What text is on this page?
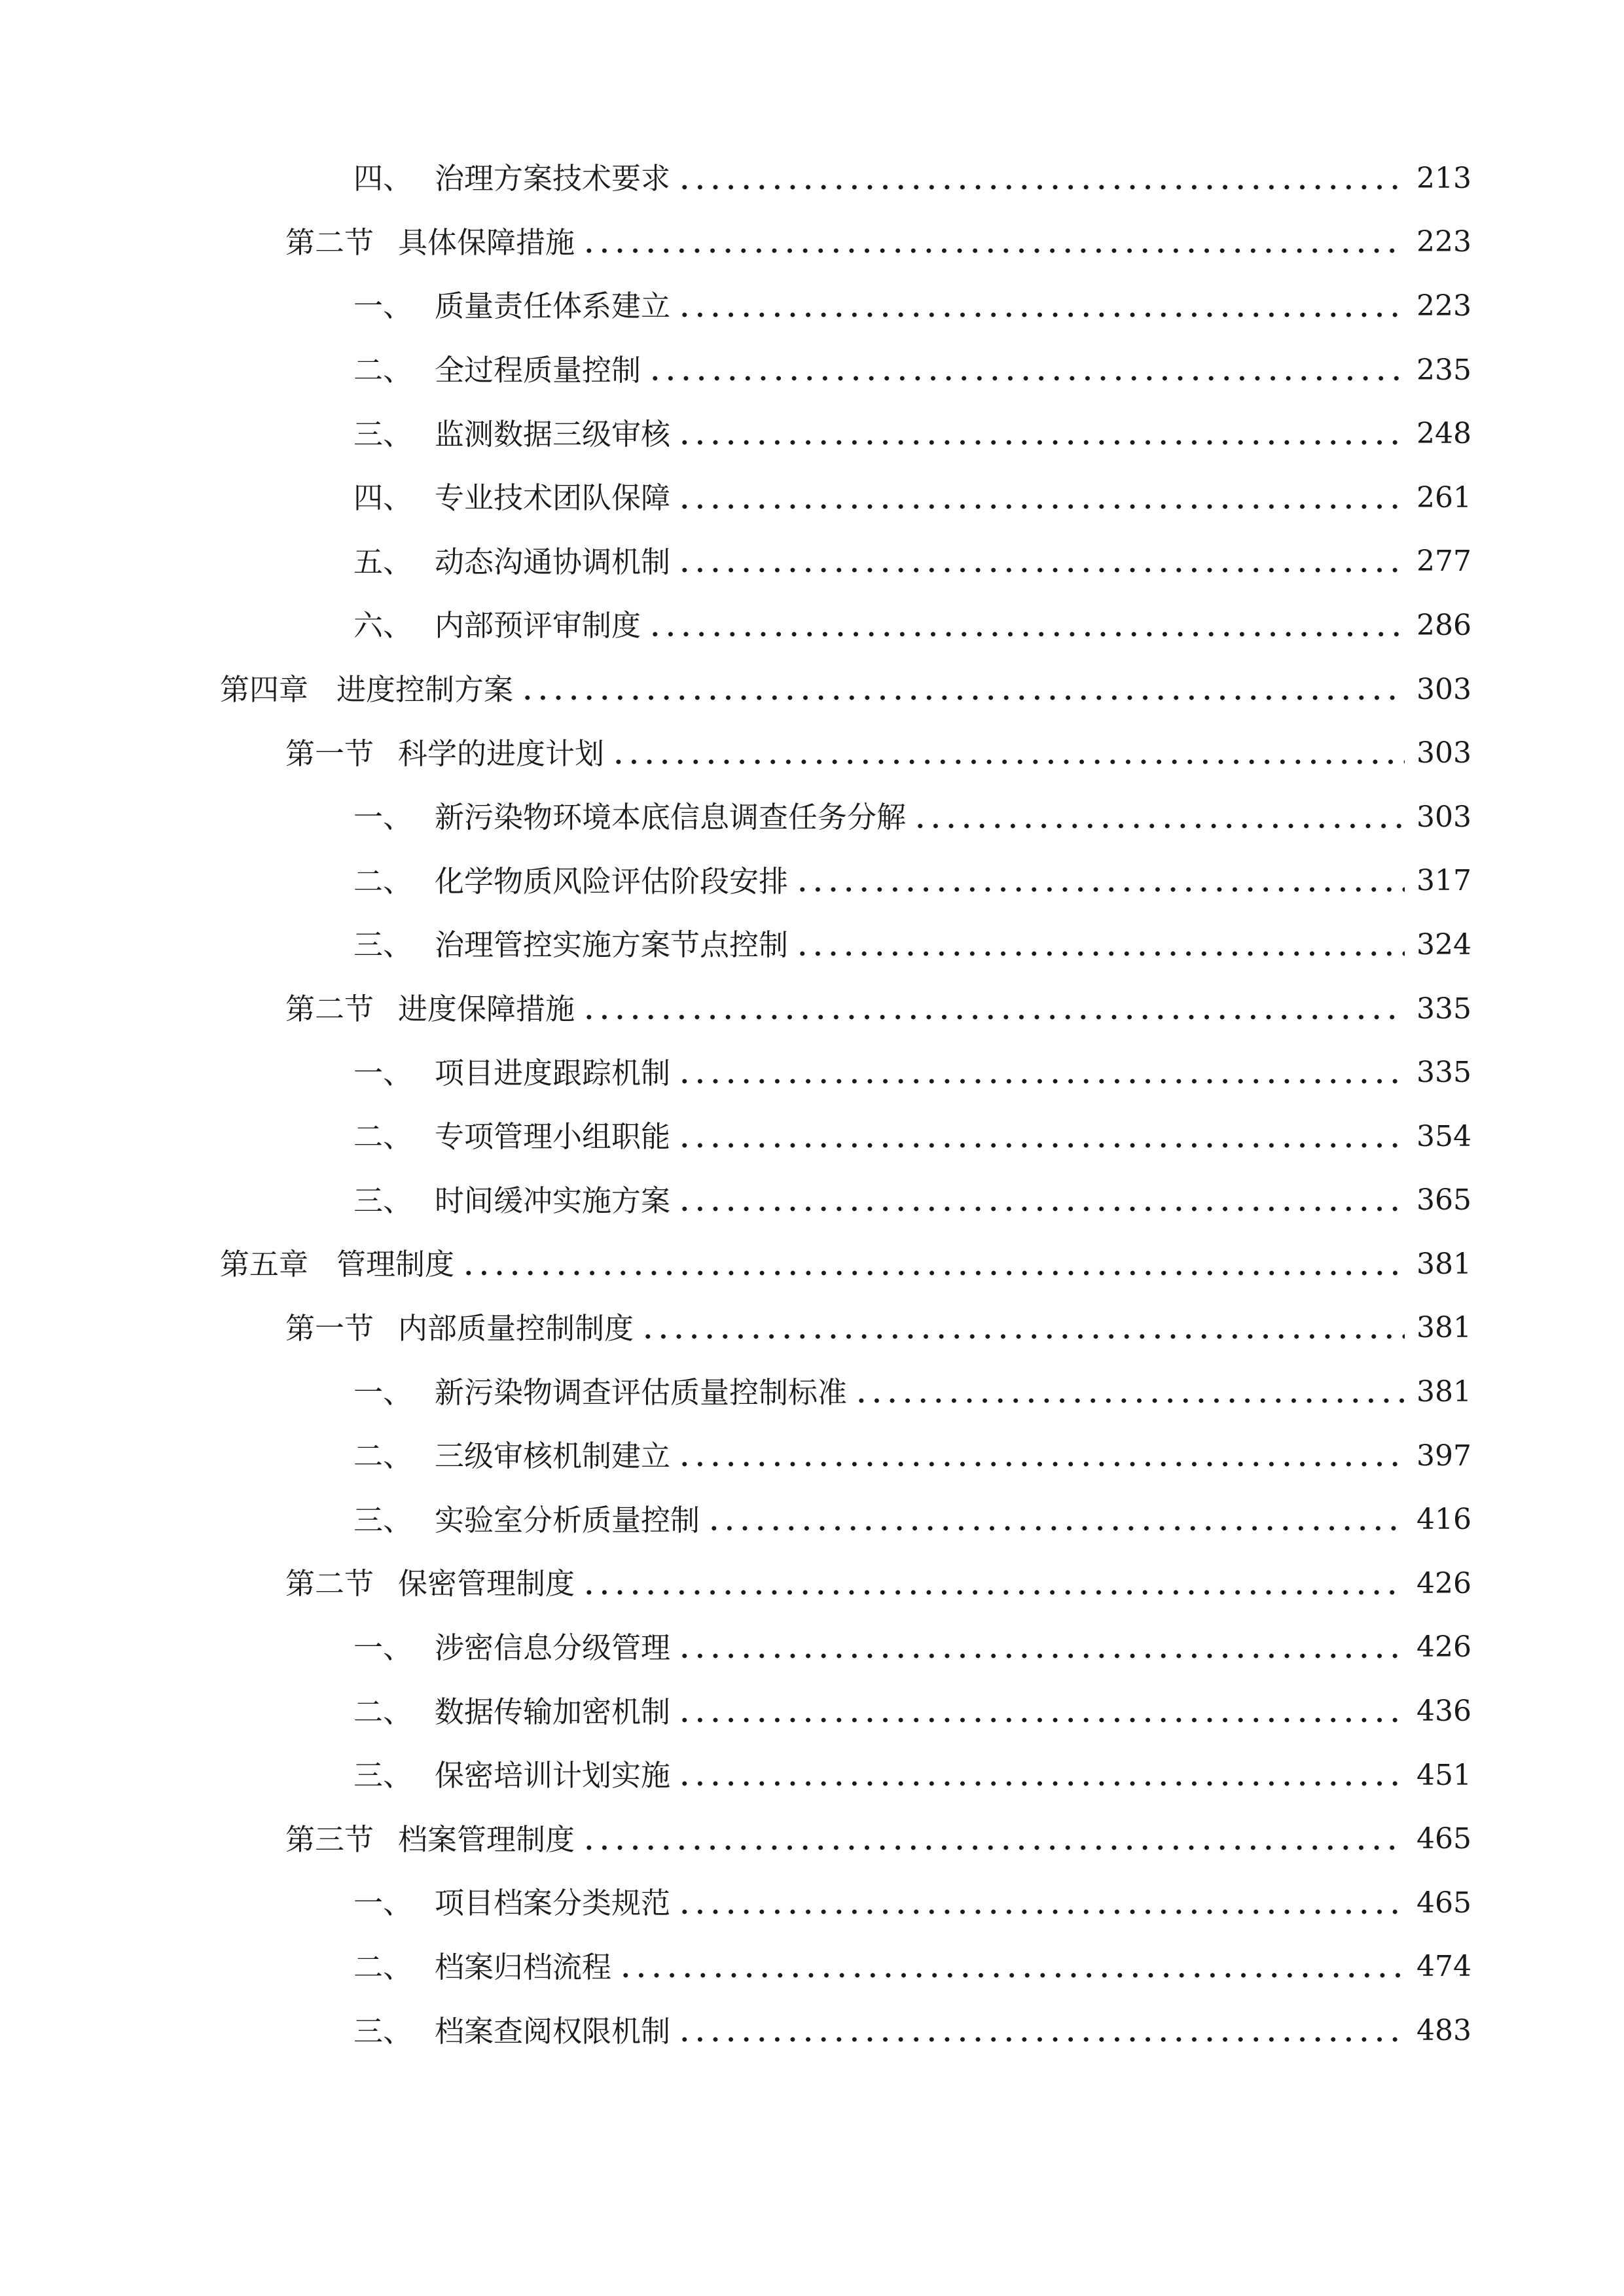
四、 治理方案技术要求	213
第二节 具体保障措施	223
一、 质量责任体系建立	223
二、 全过程质量控制	235
三、 监测数据三级审核	248
四、 专业技术团队保障	261
五、 动态沟通协调机制	277
六、 内部预评审制度	286
第四章 进度控制方案	303
第一节 科学的进度计划	303
一、 新污染物环境本底信息调查任务分解	303
二、 化学物质风险评估阶段安排	317
三、 治理管控实施方案节点控制	324
第二节 进度保障措施	335
一、 项目进度跟踪机制	335
二、 专项管理小组职能	354
三、 时间缓冲实施方案	365
第五章 管理制度	381
第一节 内部质量控制制度	381
一、 新污染物调查评估质量控制标准	381
二、 三级审核机制建立	397
三、 实验室分析质量控制	416
第二节 保密管理制度	426
一、 涉密信息分级管理	426
二、 数据传输加密机制	436
三、 保密培训计划实施	451
第三节 档案管理制度	465
一、 项目档案分类规范	465
二、 档案归档流程	474
三、 档案查阅权限机制	483
